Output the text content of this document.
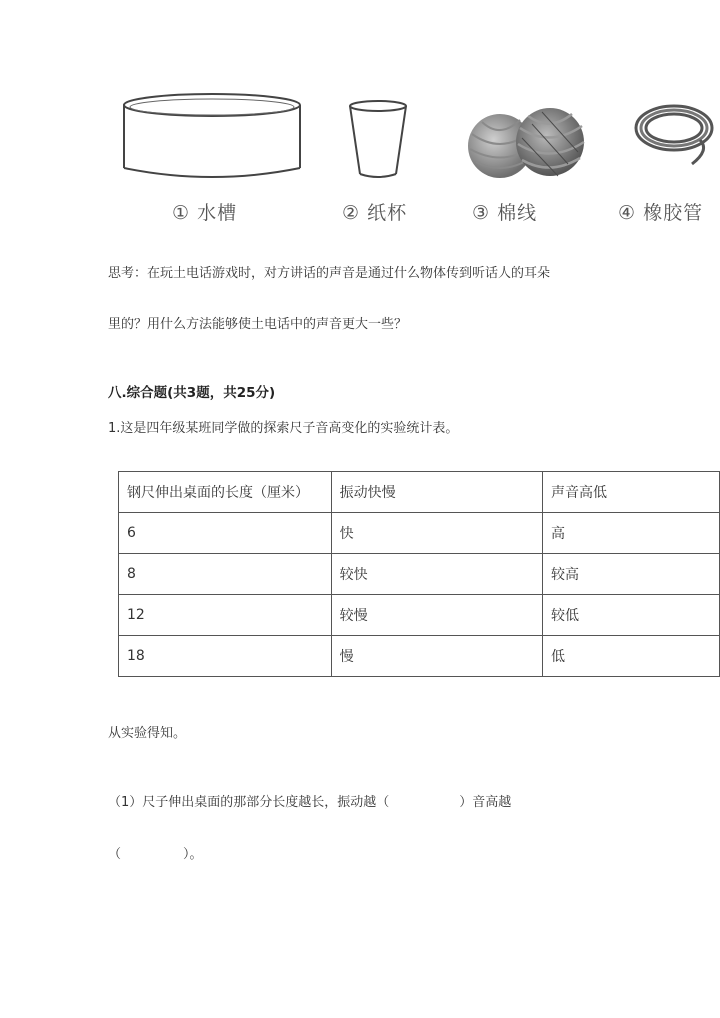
① 水槽	② 纸杯	③ 棉线	④ 橡胶管
思考：在玩土电话游戏时，对方讲话的声音是通过什么物体传到听话人的耳朵
里的？用什么方法能够使土电话中的声音更大一些？
八.综合题(共3题，共25分)
1.这是四年级某班同学做的探索尺子音高变化的实验统计表。
钢尺伸出桌面的长度（厘米）	振动快慢	声音高低
6	快	高
8	较快	较高
12	较慢	较低
18	慢	低
从实验得知。
（1）尺子伸出桌面的那部分长度越长，振动越（	）音高越
（	）。
